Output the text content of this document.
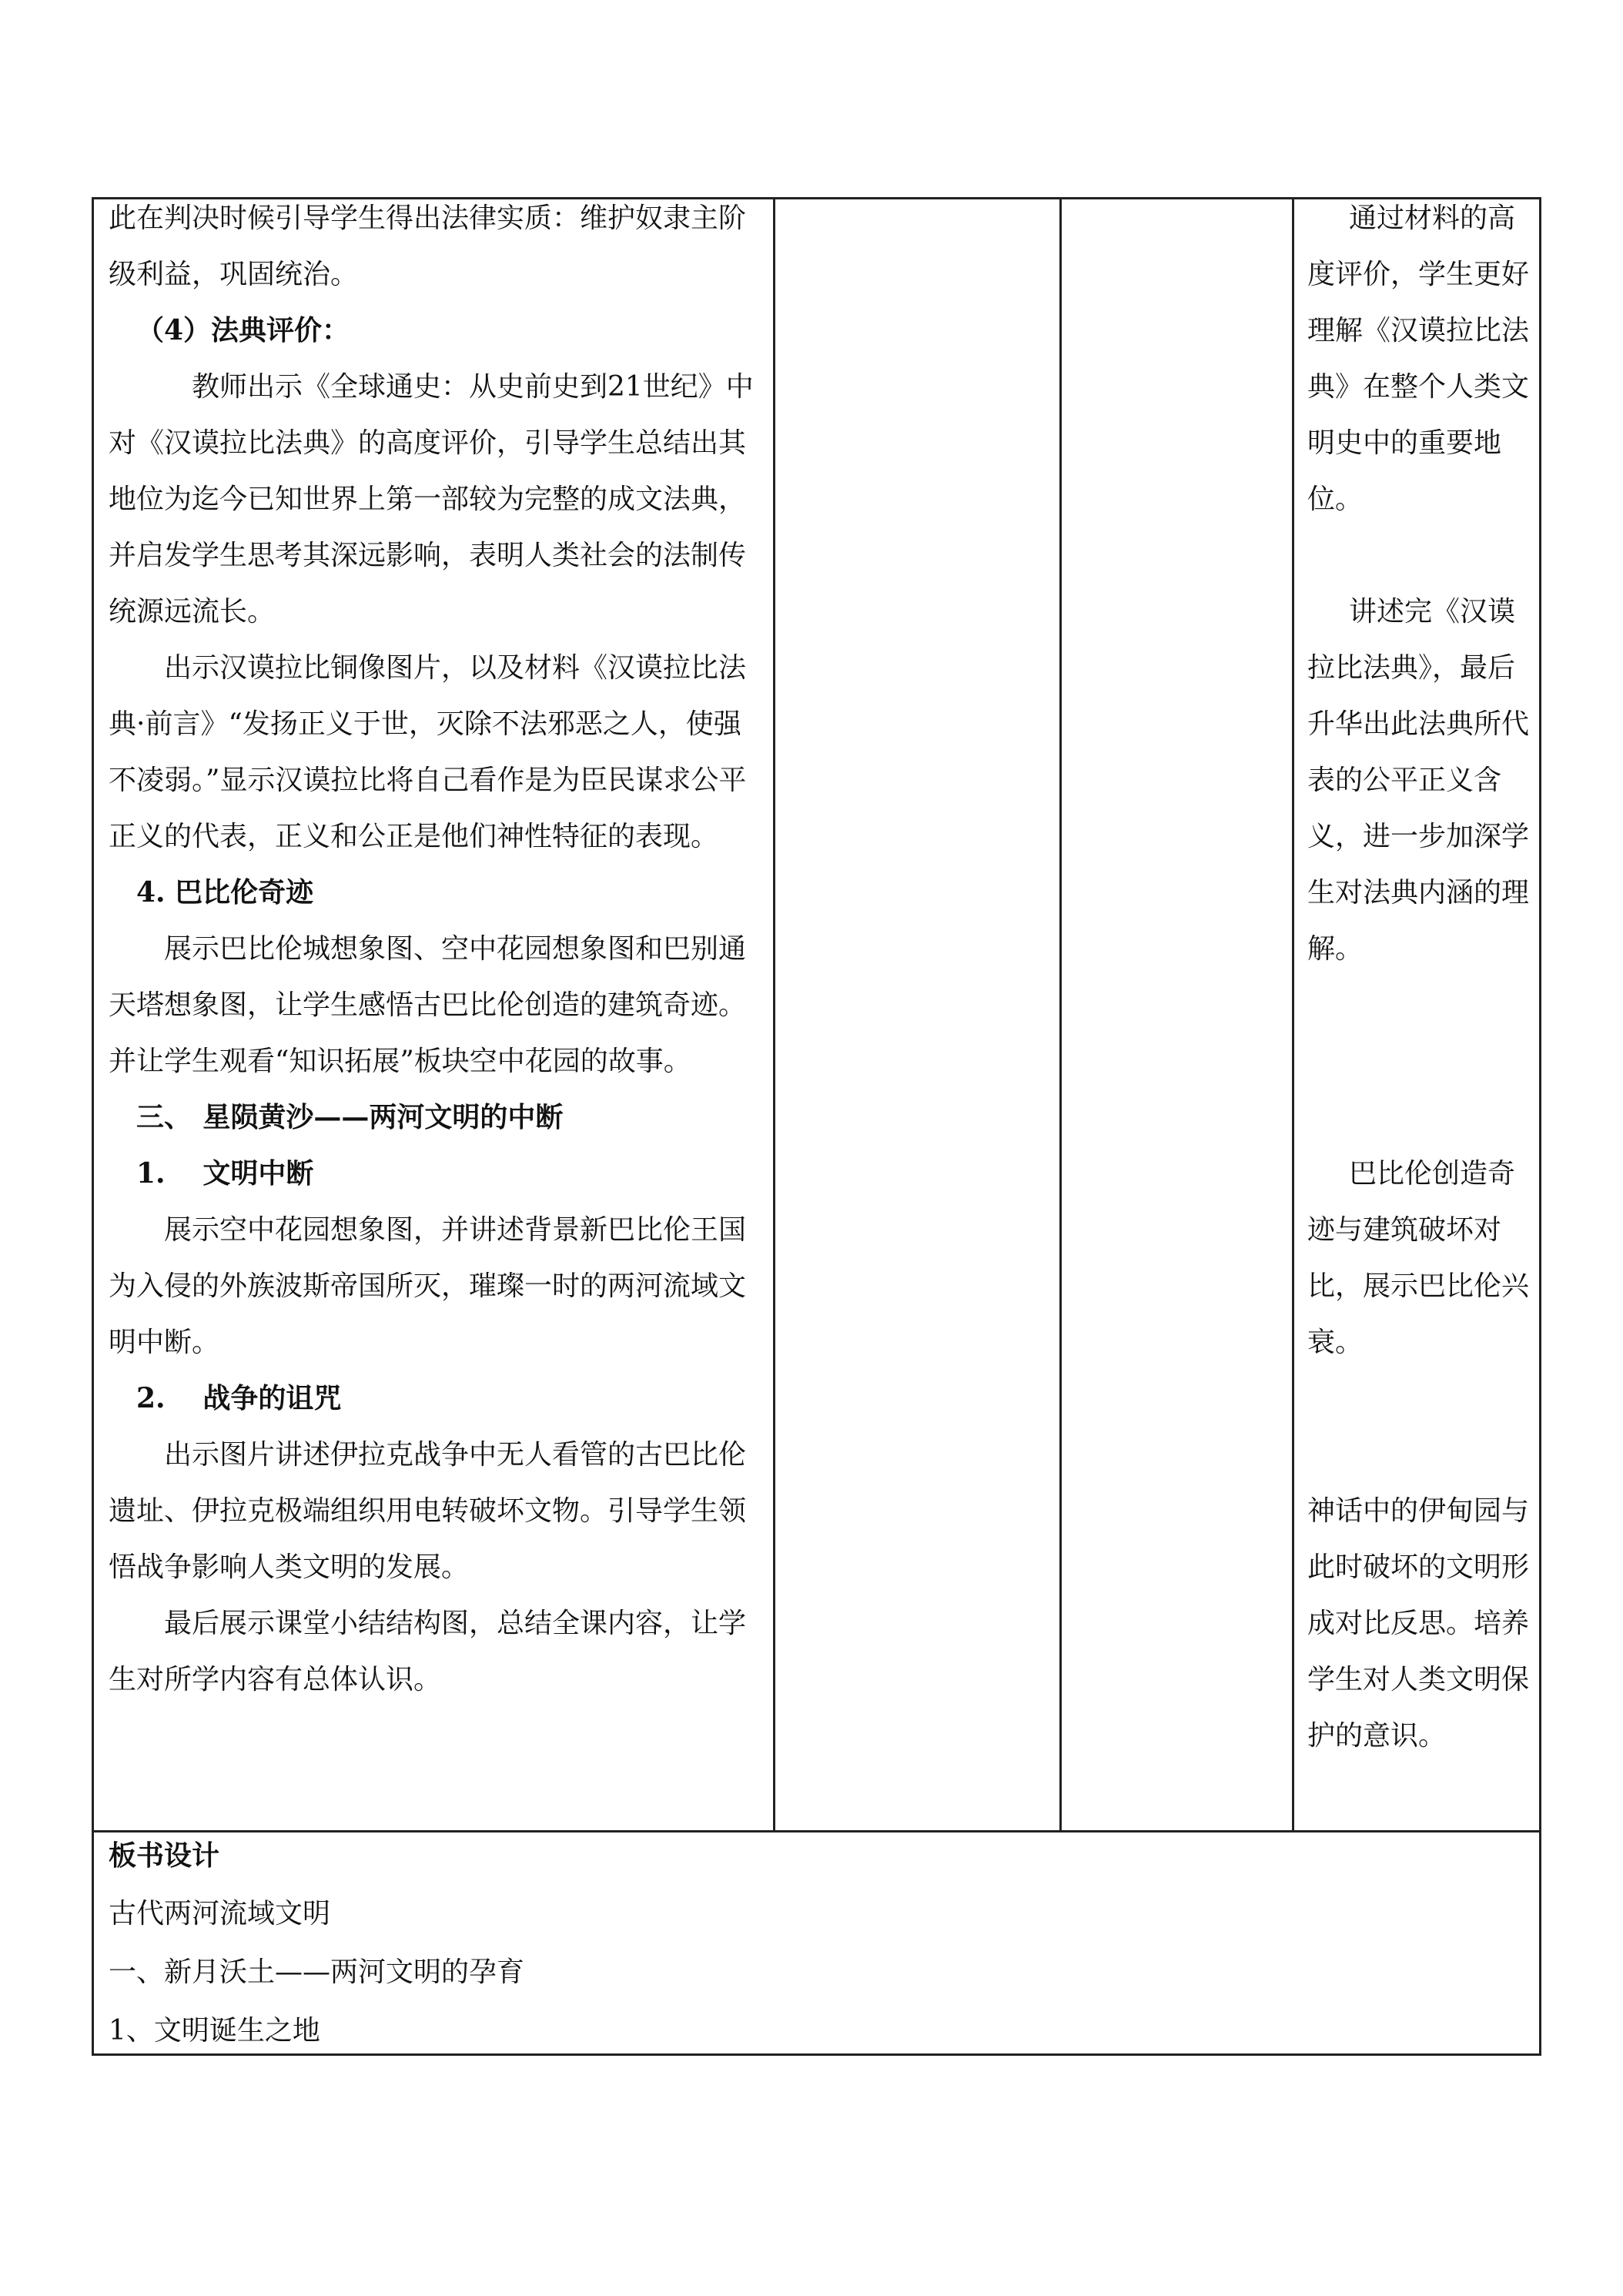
此在判决时候引导学生得出法律实质：维护奴隶主阶级利益，巩固统治。

（4）法典评价：

教师出示《全球通史：从史前史到21世纪》中对《汉谟拉比法典》的高度评价，引导学生总结出其地位为迄今已知世界上第一部较为完整的成文法典，并启发学生思考其深远影响，表明人类社会的法制传统源远流长。

出示汉谟拉比铜像图片，以及材料《汉谟拉比法典·前言》“发扬正义于世，灭除不法邪恶之人，使强不凌弱。”显示汉谟拉比将自己看作是为臣民谋求公平正义的代表，正义和公正是他们神性特征的表现。

4. 巴比伦奇迹

展示巴比伦城想象图、空中花园想象图和巴别通天塔想象图，让学生感悟古巴比伦创造的建筑奇迹。并让学生观看“知识拓展”板块空中花园的故事。

三、 星陨黄沙——两河文明的中断

1. 文明中断

展示空中花园想象图，并讲述背景新巴比伦王国为入侵的外族波斯帝国所灭，璀璨一时的两河流域文明中断。

2. 战争的诅咒

出示图片讲述伊拉克战争中无人看管的古巴比伦遗址、伊拉克极端组织用电转破坏文物。引导学生领悟战争影响人类文明的发展。

最后展示课堂小结结构图，总结全课内容，让学生对所学内容有总体认识。

通过材料的高度评价，学生更好理解《汉谟拉比法典》在整个人类文明史中的重要地位。

讲述完《汉谟拉比法典》，最后升华出此法典所代表的公平正义含义，进一步加深学生对法典内涵的理解。

巴比伦创造奇迹与建筑破坏对比，展示巴比伦兴衰。

神话中的伊甸园与此时破坏的文明形成对比反思。培养学生对人类文明保护的意识。

板书设计

古代两河流域文明

一、新月沃土——两河文明的孕育

1、文明诞生之地
